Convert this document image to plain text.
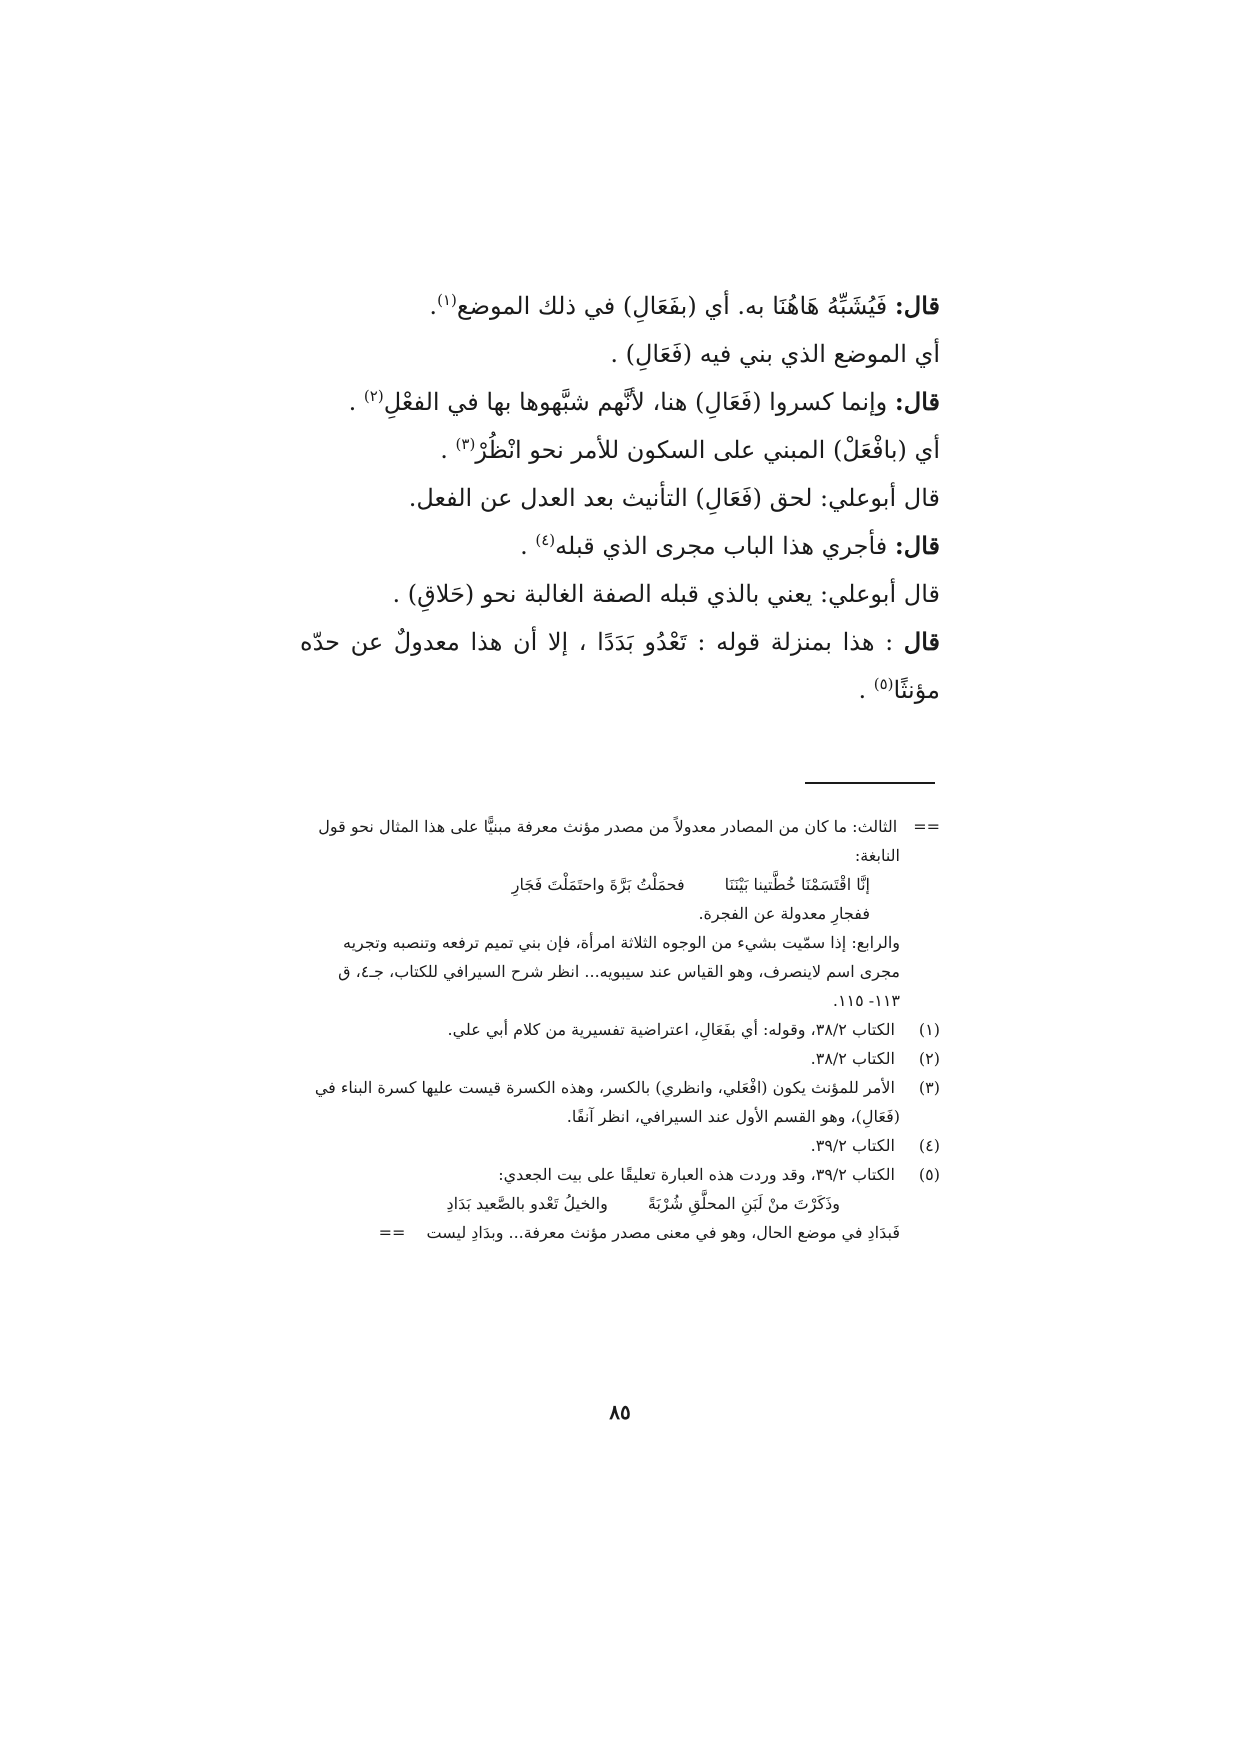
قال: فَيُشَبِّهُ هَاهُنَا به. أي (بفَعَالِ) في ذلك الموضع$^{(١)}$.
أي الموضع الذي بني فيه (فَعَالِ) .
قال: وإنما كسروا (فَعَالِ) هنا، لأنَّهم شبَّهوها بها في الفعْلِ$^{(٢)}$ .
أي (بافْعَلْ) المبني على السكون للأمر نحو انْظُرْ$^{(٣)}$ .
قال أبوعلي: لحق (فَعَالِ) التأنيث بعد العدل عن الفعل.
قال: فأجري هذا الباب مجرى الذي قبله$^{(٤)}$ .
قال أبوعلي: يعني بالذي قبله الصفة الغالبة نحو (حَلاقِ) .
قال : هذا بمنزلة قوله : تَعْدُو بَدَدًا ، إلا أن هذا معدولٌ عن حدّه
مؤنثًا$^{(٥)}$ .
==الثالث: ما كان من المصادر معدولاً من مصدر مؤنث معرفة مبنيًّا على هذا المثال نحو قول
النابغة:
إنَّا اقْتَسَمْنَا خُطَّتينا بَيْنَنَا
فحمَلْتُ بَرَّةَ واحتَمَلْتَ فَجَارِ
ففجارِ معدولة عن الفجرة.
والرابع: إذا سمّيت بشيء من الوجوه الثلاثة امرأة، فإن بني تميم ترفعه وتنصبه وتجريه
مجرى اسم لاينصرف، وهو القياس عند سيبويه... انظر شرح السيرافي للكتاب، جـ٤، ق
١١٣- ١١٥.
(١) الكتاب ٣٨/٢، وقوله: أي بفَعَالِ، اعتراضية تفسيرية من كلام أبي علي.
(٢) الكتاب ٣٨/٢.
(٣) الأمر للمؤنث يكون (افْعَلي، وانظري) بالكسر، وهذه الكسرة قيست عليها كسرة البناء في
(فَعَالِ)، وهو القسم الأول عند السيرافي، انظر آنفًا.
(٤) الكتاب ٣٩/٢.
(٥) الكتاب ٣٩/٢، وقد وردت هذه العبارة تعليقًا على بيت الجعدي:
وذَكَرْتَ منْ لَبَنِ المحلَّقِ شُرْبَةً
والخيلُ تَعْدو بالصَّعيد بَدَادِ
فَبدَادِ في موضع الحال، وهو في معنى مصدر مؤنث معرفة... وبدَادِ ليست ==
٨٥
